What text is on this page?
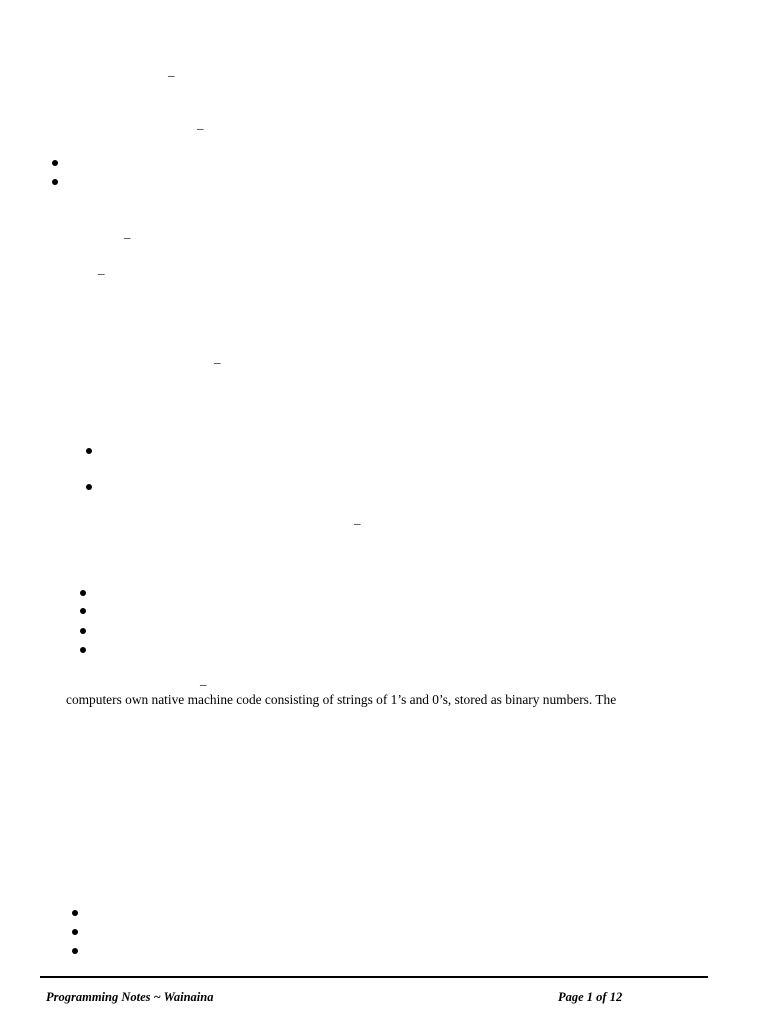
_
_
_
_
_
_
_
computers own native machine code consisting of strings of 1’s and 0’s, stored as binary numbers. The
Programming Notes ~ Wainaina	Page 1 of 12
